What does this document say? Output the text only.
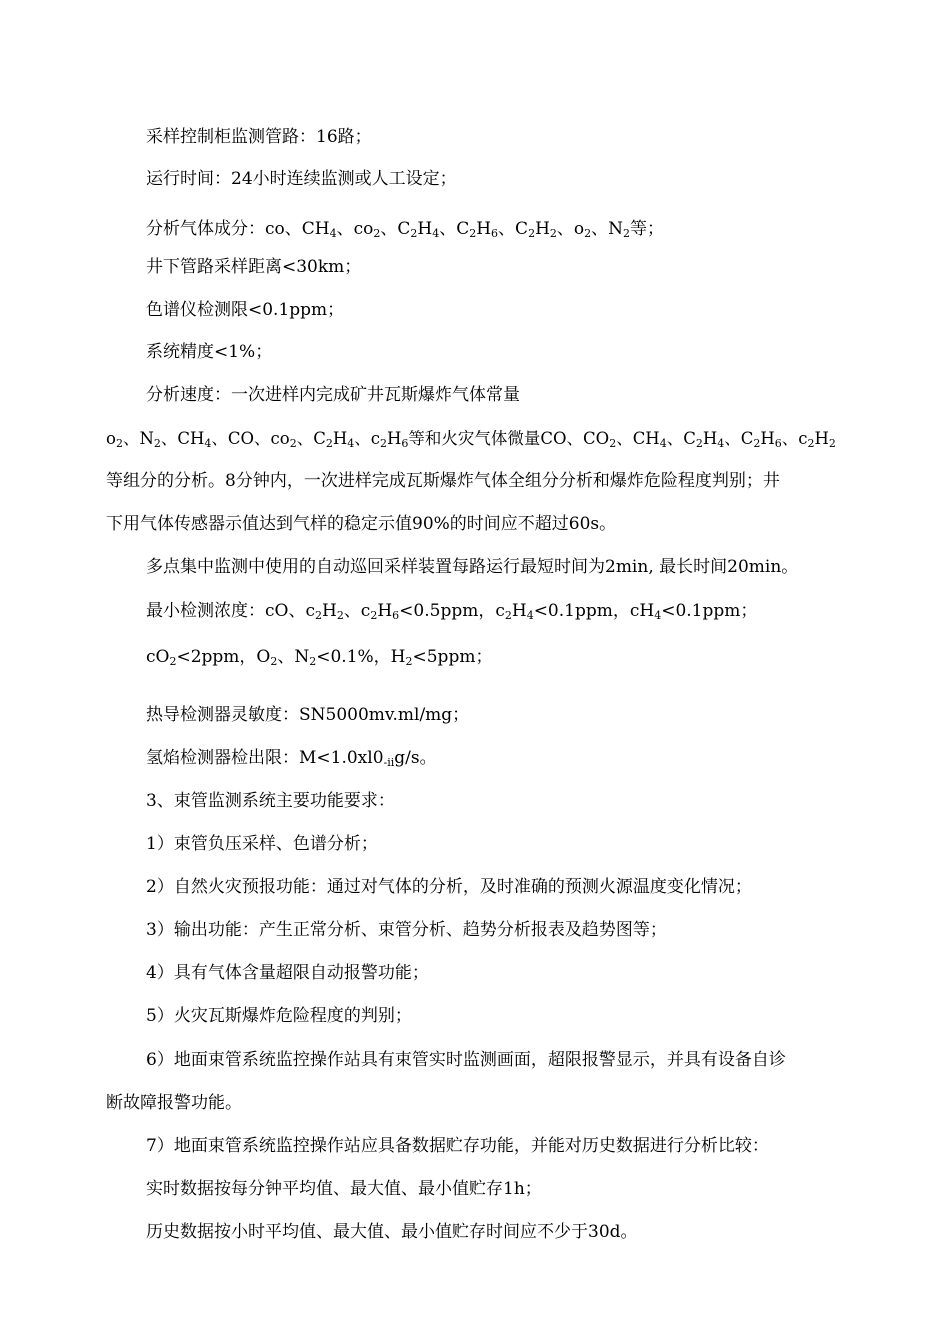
采样控制柜监测管路：16路；
运行时间：24小时连续监测或人工设定；
分析气体成分：co、$CH_4$、$co_2$、$C_2H_4$、$C_2H_6$、$C_2H_2$、$o_2$、$N_2$等；
井下管路采样距离<30km；
色谱仪检测限<0.1ppm；
系统精度<1%；
分析速度：一次进样内完成矿井瓦斯爆炸气体常量
$o_2$、$N_2$、$CH_4$、CO、$co_2$、$C_2H_4$、$c_2H_6$等和火灾气体微量CO、$CO_2$、$CH_4$、$C_2H_4$、$C_2H_6$、$c_2H_2$
等组分的分析。8分钟内，一次进样完成瓦斯爆炸气体全组分分析和爆炸危险程度判别；井
下用气体传感器示值达到气样的稳定示值90%的时间应不超过60s。
多点集中监测中使用的自动巡回采样装置每路运行最短时间为2min, 最长时间20min。
最小检测浓度：cO、$c_2H_2$、$c_2H_6<0.5ppm$，$c_2H_4<0.1ppm$，$cH_4<0.1ppm$；
$cO_2<2ppm$，$O_2$、$N_2<0.1\%$，$H_2<5ppm$；
热导检测器灵敏度：SN5000mv.ml/mg；
氢焰检测器检出限：$M<1.0xl0_{-ii}g/s$。
3、束管监测系统主要功能要求：
1）束管负压采样、色谱分析；
2）自然火灾预报功能：通过对气体的分析，及时准确的预测火源温度变化情况；
3）输出功能：产生正常分析、束管分析、趋势分析报表及趋势图等；
4）具有气体含量超限自动报警功能；
5）火灾瓦斯爆炸危险程度的判别；
6）地面束管系统监控操作站具有束管实时监测画面，超限报警显示，并具有设备自诊
断故障报警功能。
7）地面束管系统监控操作站应具备数据贮存功能，并能对历史数据进行分析比较：
实时数据按每分钟平均值、最大值、最小值贮存1h；
历史数据按小时平均值、最大值、最小值贮存时间应不少于30d。
